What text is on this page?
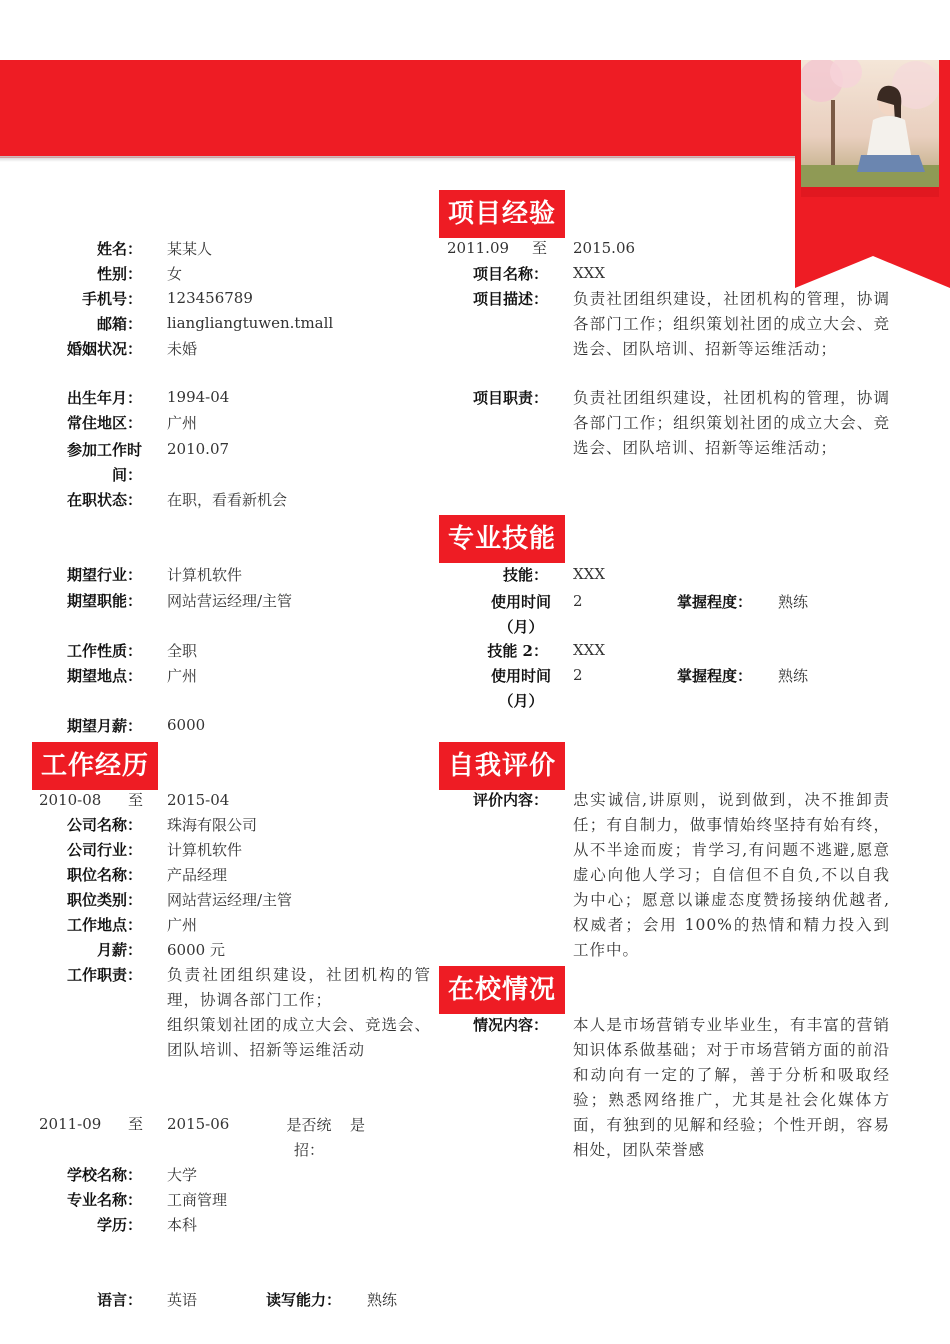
项目经验
专业技能
工作经历	自我评价
在校情况
姓名： 某某人
性别： 女
手机号： 123456789
邮箱： liangliangtuwen.tmall
婚姻状况： 未婚
出生年月： 1994-04
常住地区： 广州
参加工作时间：
2010.07
在职状态： 在职，看看新机会
期望行业： 计算机软件
期望职能： 网站营运经理/主管
工作性质： 全职
期望地点： 广州
期望月薪： 6000
2010-08 至 2015-04
公司名称： 珠海有限公司
公司行业： 计算机软件
职位名称： 产品经理
职位类别： 网站营运经理/主管
工作地点： 广州
月薪： 6000 元
工作职责： 负责社团组织建设，社团机构的管理，协调各部门工作；
组织策划社团的成立大会、竞选会、团队培训、招新等运维活动
2011-09 至 2015-06	是否统招：
是
学校名称： 大学
专业名称： 工商管理
学历： 本科
语言： 英语	读写能力： 熟练
2011.09 至 2015.06
项目名称： XXX
项目描述： 负责社团组织建设，社团机构的管理，协调各部门工作；组织策划社团的成立大会、竞选会、团队培训、招新等运维活动；
项目职责： 负责社团组织建设，社团机构的管理，协调各部门工作；组织策划社团的成立大会、竞选会、团队培训、招新等运维活动；
技能： XXX
使用时间（月）
2	掌握程度： 熟练
技能 2： XXX
使用时间（月）
2	掌握程度： 熟练
评价内容： 忠实诚信,讲原则，说到做到，决不推卸责任；有自制力，做事情始终坚持有始有终，从不半途而废；肯学习,有问题不逃避,愿意虚心向他人学习；自信但不自负,不以自我为中心；愿意以谦虚态度赞扬接纳优越者,权威者；会用 100%的热情和精力投入到工作中。
情况内容： 本人是市场营销专业毕业生，有丰富的营销知识体系做基础；对于市场营销方面的前沿和动向有一定的了解，善于分析和吸取经验；熟悉网络推广，尤其是社会化媒体方面，有独到的见解和经验；个性开朗，容易相处，团队荣誉感
